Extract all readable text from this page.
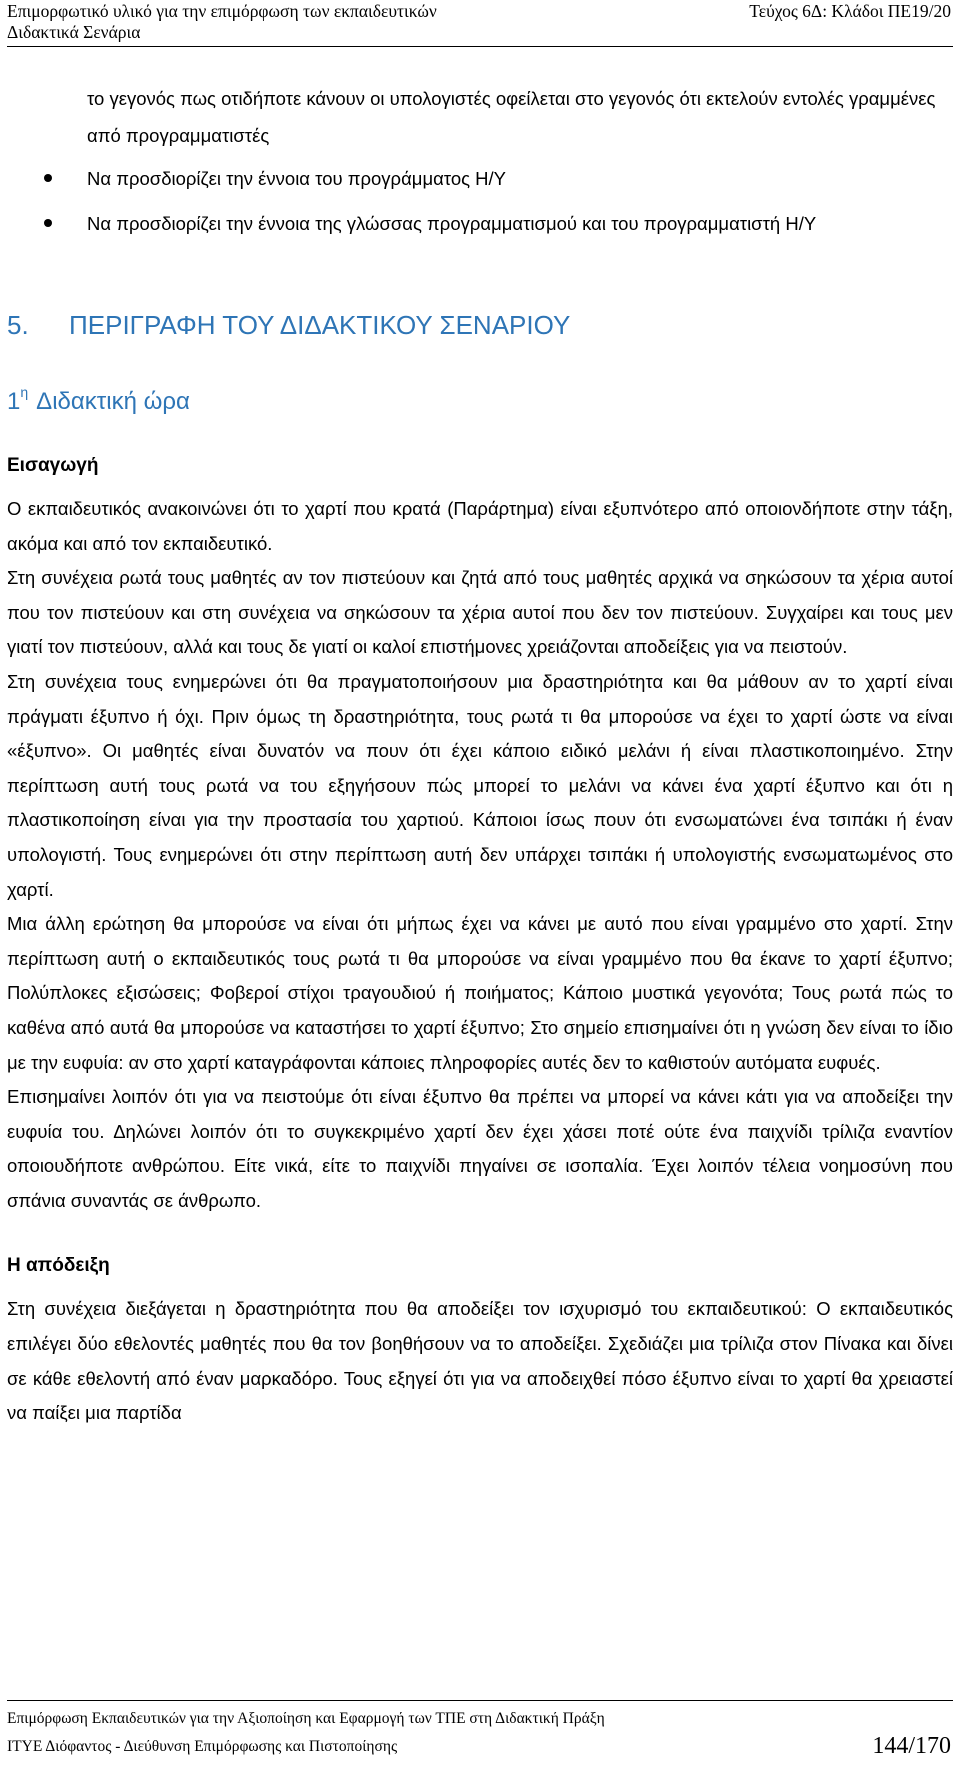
Επιμορφωτικό υλικό για την επιμόρφωση των εκπαιδευτικών
Διδακτικά Σενάρια
Τεύχος 6Δ: Κλάδοι ΠΕ19/20
το γεγονός πως οτιδήποτε κάνουν οι υπολογιστές οφείλεται στο γεγονός ότι εκτελούν εντολές γραμμένες από προγραμματιστές
Να προσδιορίζει την έννοια του προγράμματος Η/Υ
Να προσδιορίζει την έννοια της γλώσσας προγραμματισμού και του προγραμματιστή Η/Υ
5. ΠΕΡΙΓΡΑΦΗ ΤΟΥ ΔΙΔΑΚΤΙΚΟΥ ΣΕΝΑΡΙΟΥ
$1^\eta$ Διδακτική ώρα
Εισαγωγή

Ο εκπαιδευτικός ανακοινώνει ότι το χαρτί που κρατά (Παράρτημα) είναι εξυπνότερο από οποιονδήποτε στην τάξη, ακόμα και από τον εκπαιδευτικό.

Στη συνέχεια ρωτά τους μαθητές αν τον πιστεύουν και ζητά από τους μαθητές αρχικά να σηκώσουν τα χέρια αυτοί που τον πιστεύουν και στη συνέχεια να σηκώσουν τα χέρια αυτοί που δεν τον πιστεύουν. Συγχαίρει και τους μεν γιατί τον πιστεύουν, αλλά και τους δε γιατί οι καλοί επιστήμονες χρειάζονται αποδείξεις για να πειστούν.

Στη συνέχεια τους ενημερώνει ότι θα πραγματοποιήσουν μια δραστηριότητα και θα μάθουν αν το χαρτί είναι πράγματι έξυπνο ή όχι. Πριν όμως τη δραστηριότητα, τους ρωτά τι θα μπορούσε να έχει το χαρτί ώστε να είναι «έξυπνο». Οι μαθητές είναι δυνατόν να πουν ότι έχει κάποιο ειδικό μελάνι ή είναι πλαστικοποιημένο. Στην περίπτωση αυτή τους ρωτά να του εξηγήσουν πώς μπορεί το μελάνι να κάνει ένα χαρτί έξυπνο και ότι η πλαστικοποίηση είναι για την προστασία του χαρτιού. Κάποιοι ίσως πουν ότι ενσωματώνει ένα τσιπάκι ή έναν υπολογιστή. Τους ενημερώνει ότι στην περίπτωση αυτή δεν υπάρχει τσιπάκι ή υπολογιστής ενσωματωμένος στο χαρτί.

Μια άλλη ερώτηση θα μπορούσε να είναι ότι μήπως έχει να κάνει με αυτό που είναι γραμμένο στο χαρτί. Στην περίπτωση αυτή ο εκπαιδευτικός τους ρωτά τι θα μπορούσε να είναι γραμμένο που θα έκανε το χαρτί έξυπνο; Πολύπλοκες εξισώσεις; Φοβεροί στίχοι τραγουδιού ή ποιήματος; Κάποιο μυστικά γεγονότα; Τους ρωτά πώς το καθένα από αυτά θα μπορούσε να καταστήσει το χαρτί έξυπνο; Στο σημείο επισημαίνει ότι η γνώση δεν είναι το ίδιο με την ευφυία: αν στο χαρτί καταγράφονται κάποιες πληροφορίες αυτές δεν το καθιστούν αυτόματα ευφυές.

Επισημαίνει λοιπόν ότι για να πειστούμε ότι είναι έξυπνο θα πρέπει να μπορεί να κάνει κάτι για να αποδείξει την ευφυία του. Δηλώνει λοιπόν ότι το συγκεκριμένο χαρτί δεν έχει χάσει ποτέ ούτε ένα παιχνίδι τρίλιζα εναντίον οποιουδήποτε ανθρώπου. Είτε νικά, είτε το παιχνίδι πηγαίνει σε ισοπαλία. Έχει λοιπόν τέλεια νοημοσύνη που σπάνια συναντάς σε άνθρωπο.

Η απόδειξη

Στη συνέχεια διεξάγεται η δραστηριότητα που θα αποδείξει τον ισχυρισμό του εκπαιδευτικού: Ο εκπαιδευτικός επιλέγει δύο εθελοντές μαθητές που θα τον βοηθήσουν να το αποδείξει. Σχεδιάζει μια τρίλιζα στον Πίνακα και δίνει σε κάθε εθελοντή από έναν μαρκαδόρο. Τους εξηγεί ότι για να αποδειχθεί πόσο έξυπνο είναι το χαρτί θα χρειαστεί να παίξει μια παρτίδα

Επιμόρφωση Εκπαιδευτικών για την Αξιοποίηση και Εφαρμογή των ΤΠΕ στη Διδακτική Πράξη
ΙΤΥΕ Διόφαντος - Διεύθυνση Επιμόρφωσης και Πιστοποίησης	144/170
